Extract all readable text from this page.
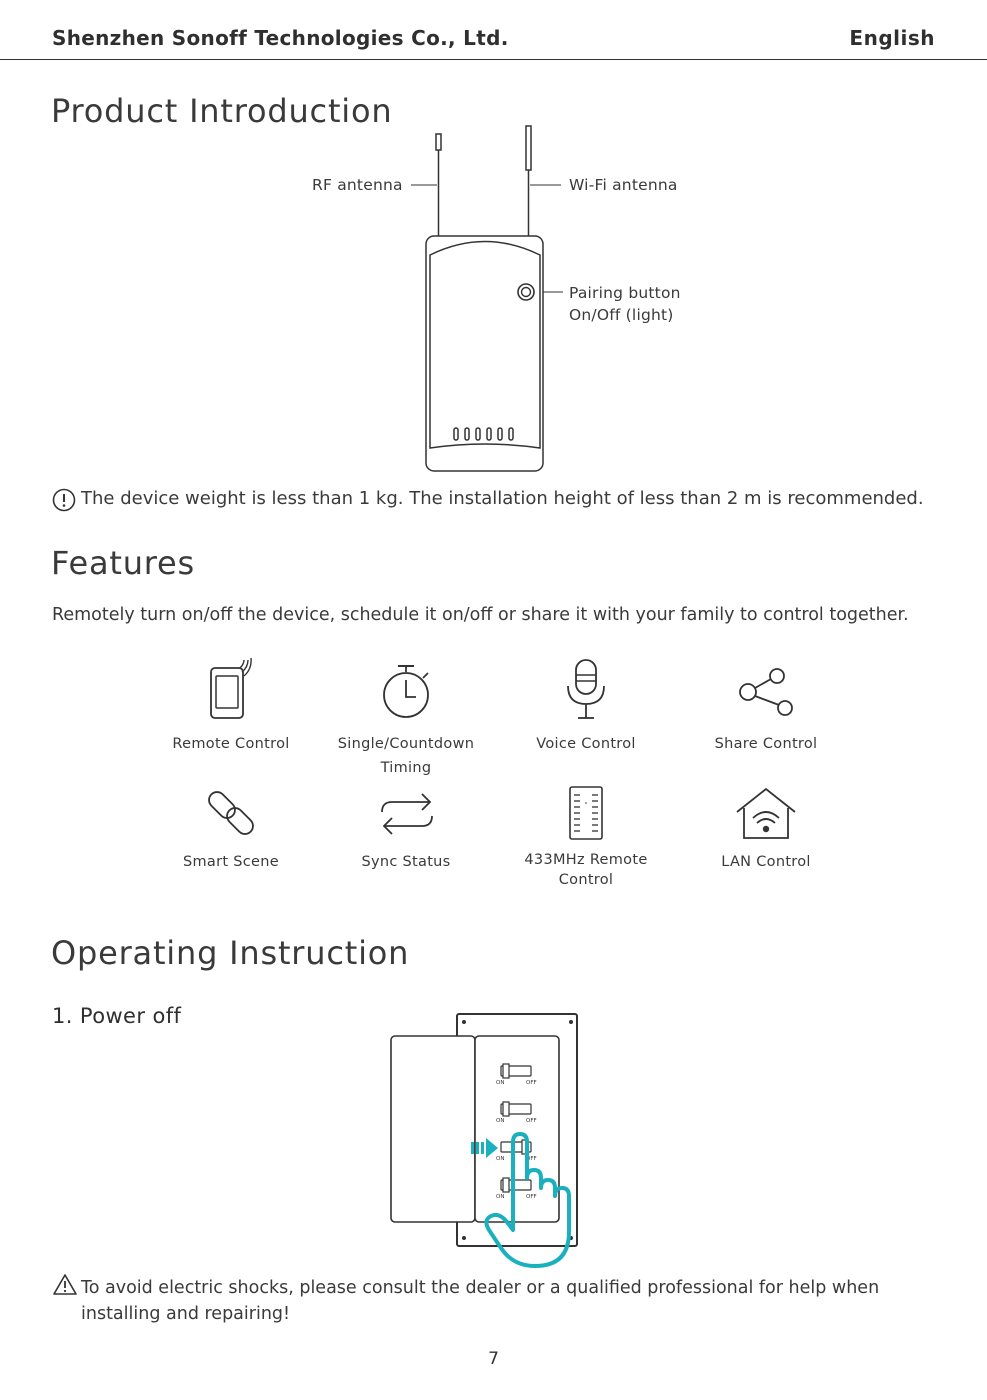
Shenzhen Sonoff Technologies Co., Ltd.	English
Product Introduction
RF antenna	Wi-Fi antenna
Pairing button
On/Off (light)
The device weight is less than 1 kg. The installation height of less than 2 m is recommended.
Features
Remotely turn on/off the device, schedule it on/off or share it with your family to control together.
Remote Control	Single/Countdown
Timing
Voice Control	Share Control
Smart Scene	Sync Status	433MHz Remote
Control
LAN Control
Operating Instruction
1. Power off
ON	OFF
ON	OFF
ON	OFF
ON	OFF
To avoid electric shocks, please consult the dealer or a qualified professional for help when installing and repairing!
7
